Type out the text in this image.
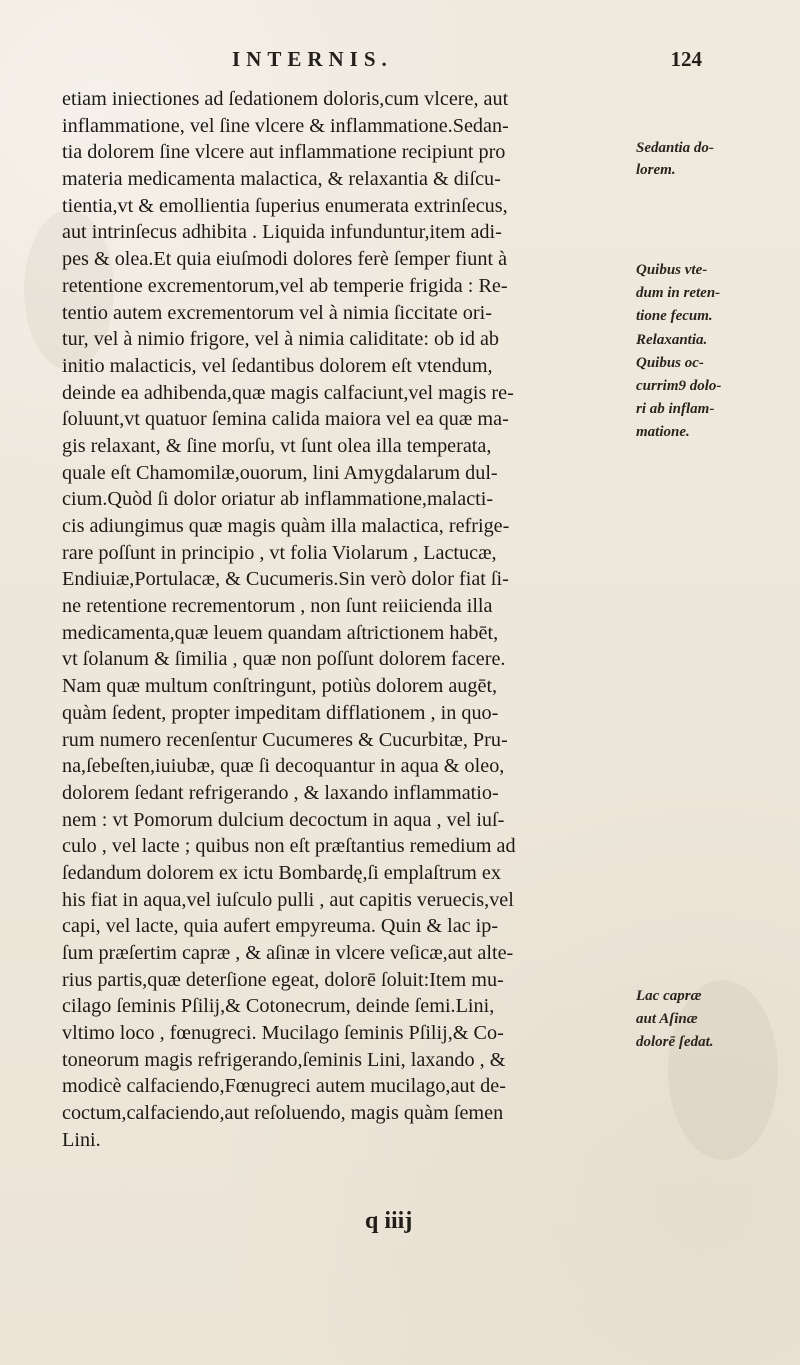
INTERNIS.	124
etiam iniectiones ad ſedationem doloris,cum vlcere, aut
inflammatione, vel ſine vlcere & inflammatione.Sedan-
tia dolorem ſine vlcere aut inflammatione recipiunt pro
materia medicamenta malactica, & relaxantia & diſcu-
tientia,vt & emollientia ſuperius enumerata extrinſecus,
aut intrinſecus adhibita . Liquida infunduntur,item adi-
pes & olea.Et quia eiuſmodi dolores ferè ſemper fiunt à
retentione excrementorum,vel ab temperie frigida : Re-
tentio autem excrementorum vel à nimia ſiccitate ori-
tur, vel à nimio frigore, vel à nimia caliditate: ob id ab
initio malacticis, vel ſedantibus dolorem eſt vtendum,
deinde ea adhibenda,quæ magis calfaciunt,vel magis re-
ſoluunt,vt quatuor ſemina calida maiora vel ea quæ ma-
gis relaxant, & ſine morſu, vt ſunt olea illa temperata,
quale eſt Chamomilæ,ouorum, lini Amygdalarum dul-
cium.Quòd ſi dolor oriatur ab inflammatione,malacti-
cis adiungimus quæ magis quàm illa malactica, refrige-
rare poſſunt in principio , vt folia Violarum , Lactucæ,
Endiuiæ,Portulacæ, & Cucumeris.Sin verò dolor fiat ſi-
ne retentione recrementorum , non ſunt reiicienda illa
medicamenta,quæ leuem quandam aſtrictionem habēt,
vt ſolanum & ſimilia , quæ non poſſunt dolorem facere.
Nam quæ multum conſtringunt, potiùs dolorem augēt,
quàm ſedent, propter impeditam difflationem , in quo-
rum numero recenſentur Cucumeres & Cucurbitæ, Pru-
na,ſebeſten,iuiubæ, quæ ſi decoquantur in aqua & oleo,
dolorem ſedant refrigerando , & laxando inflammatio-
nem : vt Pomorum dulcium decoctum in aqua , vel iuſ-
culo , vel lacte ; quibus non eſt præſtantius remedium ad
ſedandum dolorem ex ictu Bombardę,ſi emplaſtrum ex
his fiat in aqua,vel iuſculo pulli , aut capitis veruecis,vel
capi, vel lacte, quia aufert empyreuma. Quin & lac ip-
ſum præſertim capræ , & aſinæ in vlcere veſicæ,aut alte-
rius partis,quæ deterſione egeat, dolorē ſoluit:Item mu-
cilago ſeminis Pſilij,& Cotonecrum, deinde ſemi.Lini,
vltimo loco , fœnugreci. Mucilago ſeminis Pſilij,& Co-
toneorum magis refrigerando,ſeminis Lini, laxando , &
modicè calfaciendo,Fœnugreci autem mucilago,aut de-
coctum,calfaciendo,aut reſoluendo, magis quàm ſemen
Lini.
Sedantia do-
lorem.
Quibus vte-
dum in reten-
tione fecum.
Relaxantia.
Quibus oc-
currim9 dolo-
ri ab inflam-
matione.
Lac capræ
aut Aſinæ
dolorē ſedat.
q iiij
